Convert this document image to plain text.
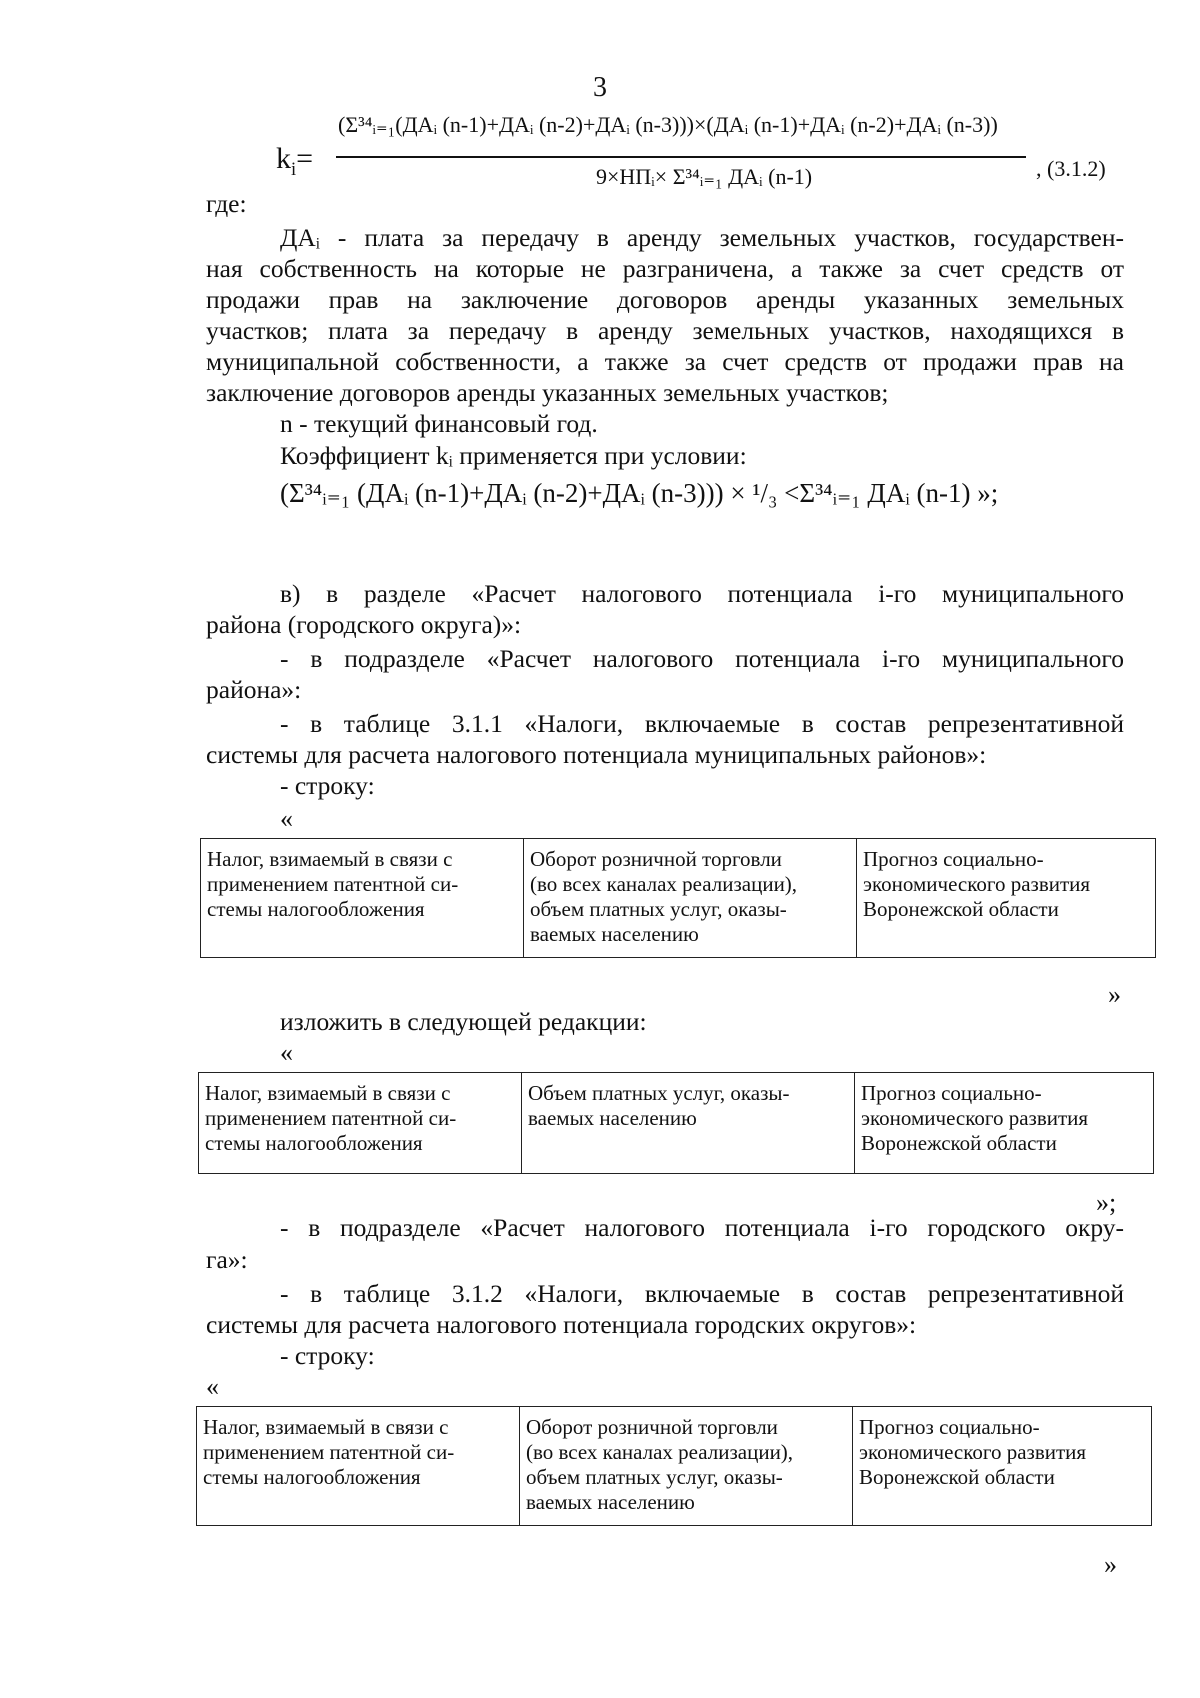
3
$k_i=$
(Σ³⁴ᵢ₌₁(ДАᵢ (n-1)+ДАᵢ (n-2)+ДАᵢ (n-3)))×(ДАᵢ (n-1)+ДАᵢ (n-2)+ДАᵢ (n-3))
9×НПᵢ× Σ³⁴ᵢ₌₁ ДАᵢ (n-1)	, (3.1.2)
где:
ДАᵢ - плата за передачу в аренду земельных участков, государствен-
ная собственность на которые не разграничена, а также за счет средств от
продажи прав на заключение договоров аренды указанных земельных
участков; плата за передачу в аренду земельных участков, находящихся в
муниципальной собственности, а также за счет средств от продажи прав на
заключение договоров аренды указанных земельных участков;
n - текущий финансовый год.
Коэффициент kᵢ применяется при условии:
(Σ³⁴ᵢ₌₁ (ДАᵢ (n-1)+ДАᵢ (n-2)+ДАᵢ (n-3))) × ¹/₃ <Σ³⁴ᵢ₌₁ ДАᵢ (n-1) »;
в) в разделе «Расчет налогового потенциала i-го муниципального
района (городского округа)»:
- в подразделе «Расчет налогового потенциала i-го муниципального
района»:
- в таблице 3.1.1 «Налоги, включаемые в состав репрезентативной
системы для расчета налогового потенциала муниципальных районов»:
- строку:
«
Налог, взимаемый в связи с
применением патентной си-
стемы налогообложения

Оборот розничной торговли
(во всех каналах реализации),
объем платных услуг, оказы-
ваемых населению

Прогноз социально-
экономического развития
Воронежской области
»
изложить в следующей редакции:
«
Налог, взимаемый в связи с
применением патентной си-
стемы налогообложения

Объем платных услуг, оказы-
ваемых населению

Прогноз социально-
экономического развития
Воронежской области
»;
- в подразделе «Расчет налогового потенциала i-го городского окру-
га»:
- в таблице 3.1.2 «Налоги, включаемые в состав репрезентативной
системы для расчета налогового потенциала городских округов»:
- строку:
«
Налог, взимаемый в связи с
применением патентной си-
стемы налогообложения

Оборот розничной торговли
(во всех каналах реализации),
объем платных услуг, оказы-
ваемых населению

Прогноз социально-
экономического развития
Воронежской области
»
